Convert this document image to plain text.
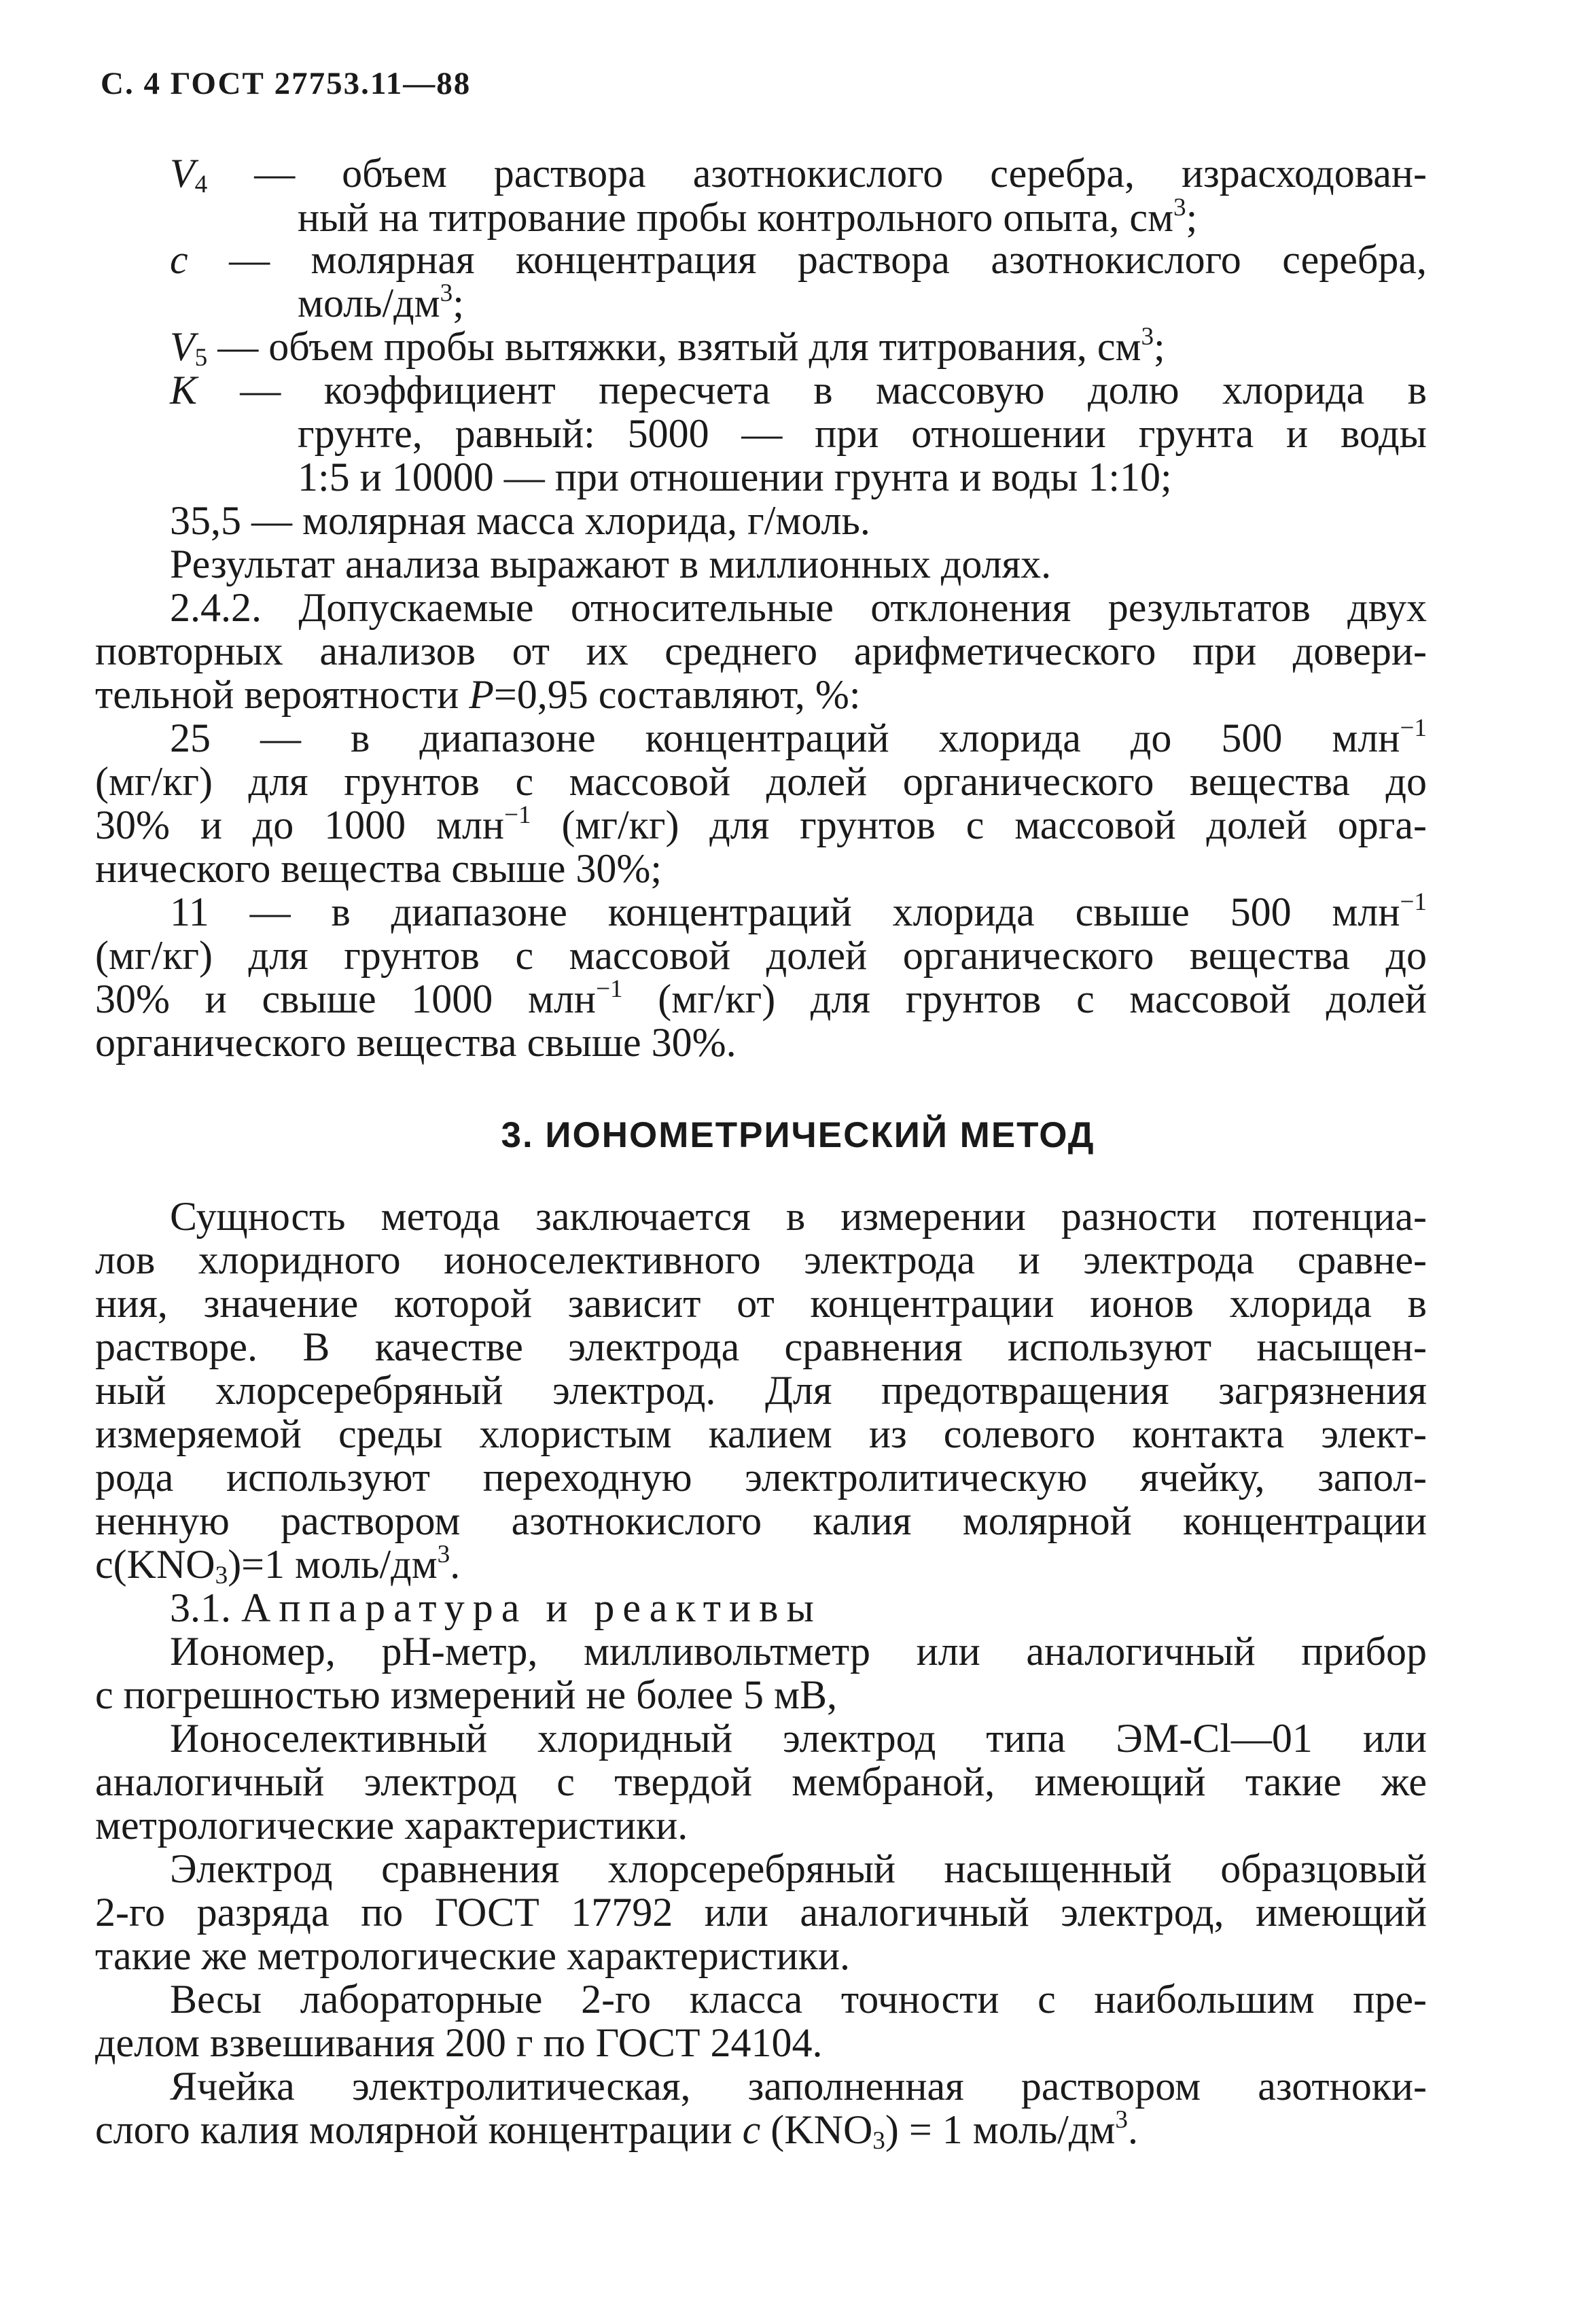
С. 4 ГОСТ 27753.11—88
$V_4$ — объем раствора азотнокислого серебра, израсходован-
ный на титрование пробы контрольного опыта, $см^3$;
с — молярная концентрация раствора азотнокислого серебра,
моль/$дм^3$;
$V_5$ — объем пробы вытяжки, взятый для титрования, $см^3$;
К — коэффициент пересчета в массовую долю хлорида в
грунте, равный: 5000 — при отношении грунта и воды
1:5 и 10000 — при отношении грунта и воды 1:10;
35,5 — молярная масса хлорида, г/моль.
Результат анализа выражают в миллионных долях.
2.4.2. Допускаемые относительные отклонения результатов двух
повторных анализов от их среднего арифметического при довери-
тельной вероятности Р=0,95 составляют, %:
25 — в диапазоне концентраций хлорида до 500 млн$^{-1}$
(мг/кг) для грунтов с массовой долей органического вещества до
30% и до 1000 млн$^{-1}$ (мг/кг) для грунтов с массовой долей орга-
нического вещества свыше 30%;
11 — в диапазоне концентраций хлорида свыше 500 млн$^{-1}$
(мг/кг) для грунтов с массовой долей органического вещества до
30% и свыше 1000 млн$^{-1}$ (мг/кг) для грунтов с массовой долей
органического вещества свыше 30%.
3. ИОНОМЕТРИЧЕСКИЙ МЕТОД
Сущность метода заключается в измерении разности потенциа-
лов хлоридного ионоселективного электрода и электрода сравне-
ния, значение которой зависит от концентрации ионов хлорида в
растворе. В качестве электрода сравнения используют насыщен-
ный хлорсеребряный электрод. Для предотвращения загрязнения
измеряемой среды хлористым калием из солевого контакта элект-
рода используют переходную электролитическую ячейку, запол-
ненную раствором азотнокислого калия молярной концентрации
$с(KNO_3)=1$ моль/$дм^3$.
3.1. Аппаратура и реактивы
Иономер, pH-метр, милливольтметр или аналогичный прибор
с погрешностью измерений не более 5 мВ,
Ионоселективный хлоридный электрод типа ЭМ-Cl—01 или
аналогичный электрод с твердой мембраной, имеющий такие же
метрологические характеристики.
Электрод сравнения хлорсеребряный насыщенный образцовый
2-го разряда по ГОСТ 17792 или аналогичный электрод, имеющий
такие же метрологические характеристики.
Весы лабораторные 2-го класса точности с наибольшим пре-
делом взвешивания 200 г по ГОСТ 24104.
Ячейка электролитическая, заполненная раствором азотноки-
слого калия молярной концентрации с $(KNO_3) = 1$ моль/$дм^3$.
